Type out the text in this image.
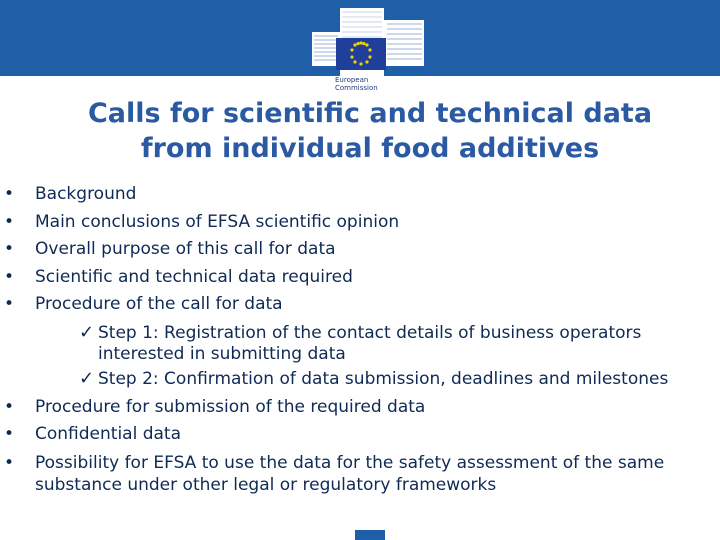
European
Commission
Calls for scientific and technical data
from individual food additives
• Background
• Main conclusions of EFSA scientific opinion
• Overall purpose of this call for data
• Scientific and technical data required
• Procedure of the call for data
✓ Step 1: Registration of the contact details of business operators interested in submitting data
✓ Step 2: Confirmation of data submission, deadlines and milestones
• Procedure for submission of the required data
• Confidential data
• Possibility for EFSA to use the data for the safety assessment of the same substance under other legal or regulatory frameworks
